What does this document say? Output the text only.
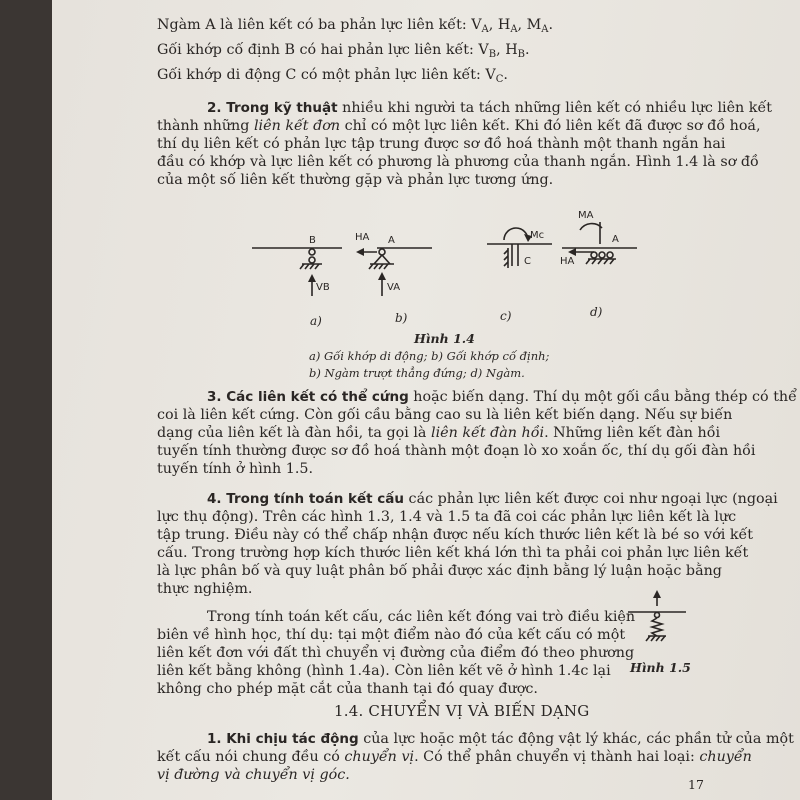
Ngàm A là liên kết có ba phản lực liên kết: $V_A$, $H_A$, $M_A$.
Gối khớp cố định B có hai phản lực liên kết: $V_B$, $H_B$.
Gối khớp di động C có một phản lực liên kết: $V_C$.
2. Trong kỹ thuật nhiều khi người ta tách những liên kết có nhiều lực liên kết
thành những liên kết đơn chỉ có một lực liên kết. Khi đó liên kết đã được sơ đồ hoá,
thí dụ liên kết có phản lực tập trung được sơ đồ hoá thành một thanh ngắn hai
đầu có khớp và lực liên kết có phương là phương của thanh ngắn. Hình 1.4 là sơ đồ
của một số liên kết thường gặp và phản lực tương ứng.
B
VB
HA A
VA
Mc
C
MA
A
HA
a)	b)	c)	d)
Hình 1.4
a) Gối khớp di động; b) Gối khớp cố định;
b) Ngàm trượt thẳng đứng; d) Ngàm.
3. Các liên kết có thể cứng hoặc biến dạng. Thí dụ một gối cầu bằng thép có thể
coi là liên kết cứng. Còn gối cầu bằng cao su là liên kết biến dạng. Nếu sự biến
dạng của liên kết là đàn hồi, ta gọi là liên kết đàn hồi. Những liên kết đàn hồi
tuyến tính thường được sơ đồ hoá thành một đoạn lò xo xoắn ốc, thí dụ gối đàn hồi
tuyến tính ở hình 1.5.
4. Trong tính toán kết cấu các phản lực liên kết được coi như ngoại lực (ngoại
lực thụ động). Trên các hình 1.3, 1.4 và 1.5 ta đã coi các phản lực liên kết là lực
tập trung. Điều này có thể chấp nhận được nếu kích thước liên kết là bé so với kết
cấu. Trong trường hợp kích thước liên kết khá lớn thì ta phải coi phản lực liên kết
là lực phân bố và quy luật phân bố phải được xác định bằng lý luận hoặc bằng
thực nghiệm.
Trong tính toán kết cấu, các liên kết đóng vai trò điều kiện
biên về hình học, thí dụ: tại một điểm nào đó của kết cấu có một
liên kết đơn với đất thì chuyển vị đường của điểm đó theo phương
liên kết bằng không (hình 1.4a). Còn liên kết vẽ ở hình 1.4c lại
không cho phép mặt cắt của thanh tại đó quay được.
Hình 1.5
1.4. CHUYỂN VỊ VÀ BIẾN DẠNG
1. Khi chịu tác động của lực hoặc một tác động vật lý khác, các phần tử của một
kết cấu nói chung đều có chuyển vị. Có thể phân chuyển vị thành hai loại: chuyển
vị đường và chuyển vị góc.
17
